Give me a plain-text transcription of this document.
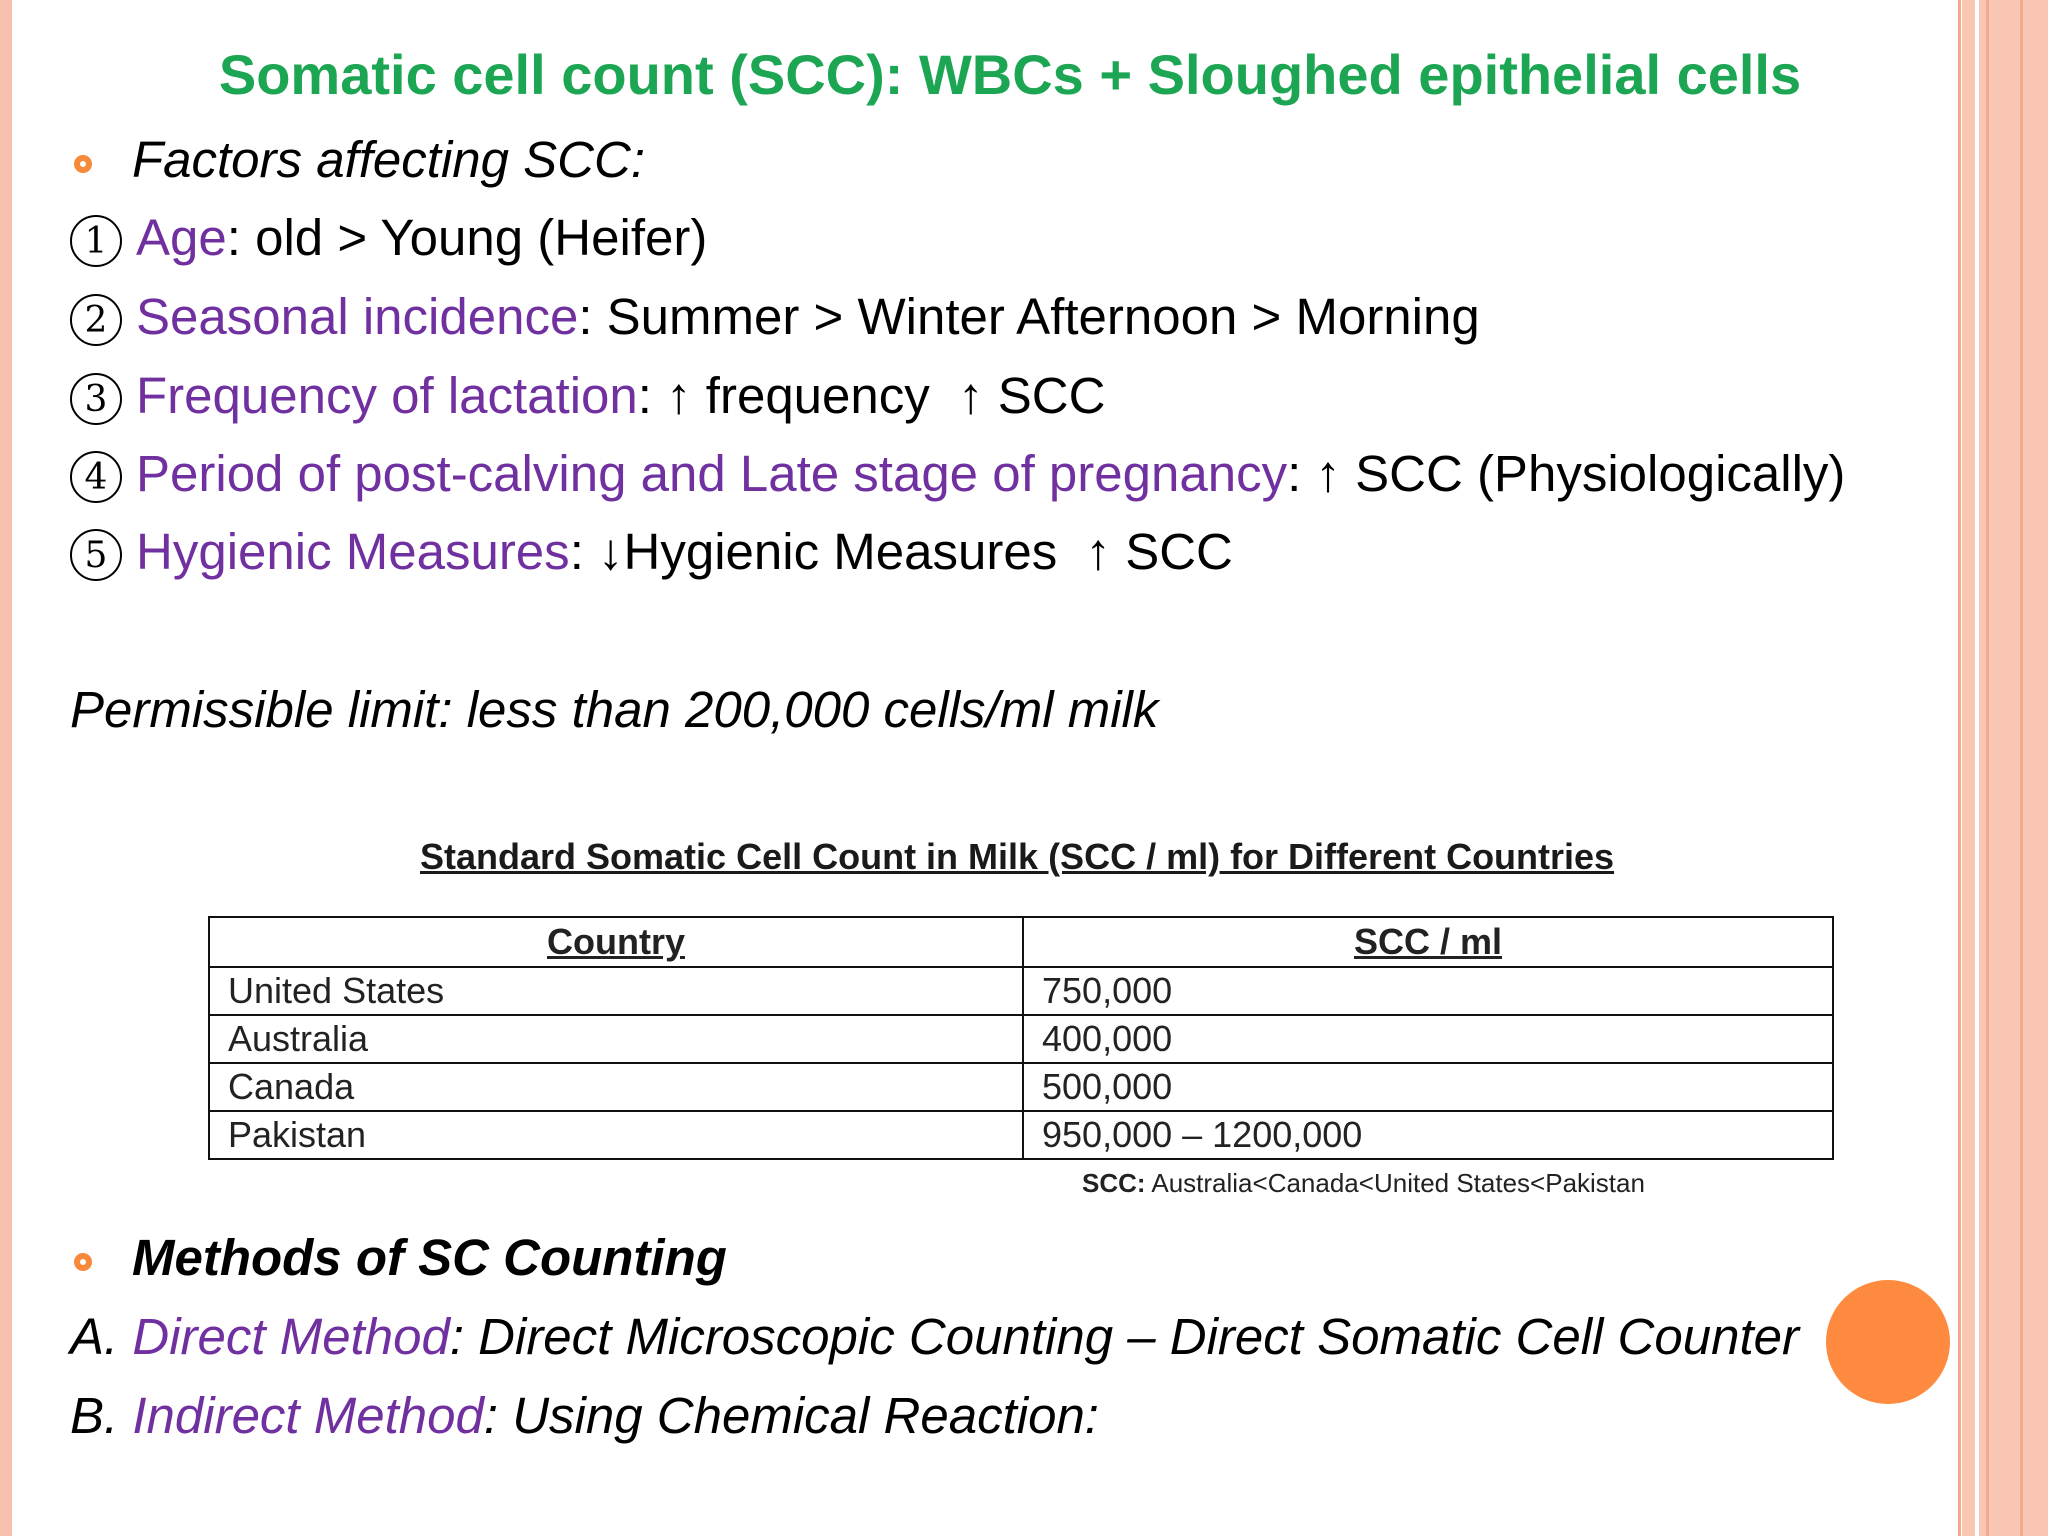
Somatic cell count (SCC): WBCs + Sloughed epithelial cells
Factors affecting SCC:
1 Age: old > Young (Heifer)
2 Seasonal incidence: Summer > Winter Afternoon > Morning
3 Frequency of lactation: ↑ frequency  ↑ SCC
4 Period of post-calving and Late stage of pregnancy: ↑ SCC (Physiologically)
5 Hygienic Measures: ↓Hygienic Measures  ↑ SCC
Permissible limit: less than 200,000 cells/ml milk
Standard Somatic Cell Count in Milk (SCC / ml) for Different Countries
Country	SCC / ml
United States	750,000
Australia	400,000
Canada	500,000
Pakistan	950,000 – 1200,000
SCC: Australia<Canada<United States<Pakistan
Methods of SC Counting
A. Direct Method: Direct Microscopic Counting – Direct Somatic Cell Counter
B. Indirect Method: Using Chemical Reaction:
